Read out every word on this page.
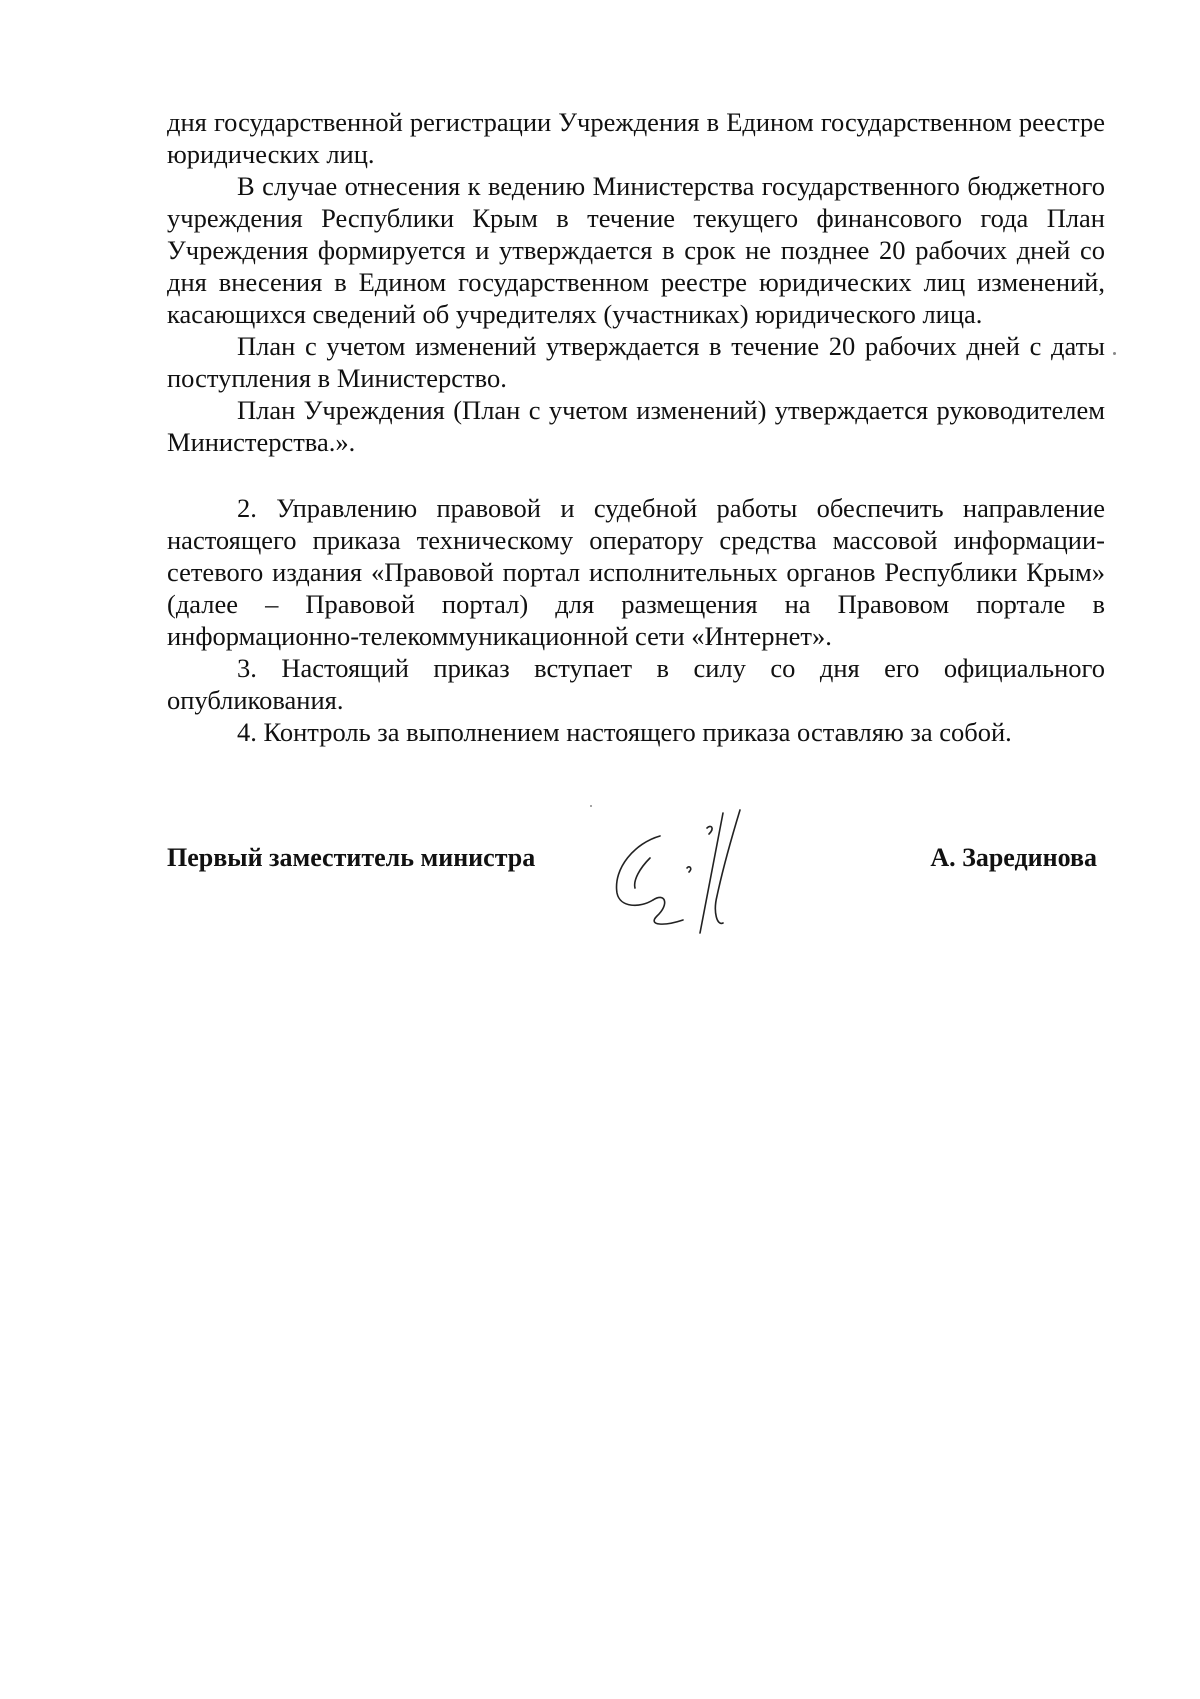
дня государственной регистрации Учреждения в Едином государственном реестре юридических лиц.

В случае отнесения к ведению Министерства государственного бюджетного учреждения Республики Крым в течение текущего финансового года План Учреждения формируется и утверждается в срок не позднее 20 рабочих дней со дня внесения в Едином государственном реестре юридических лиц изменений, касающихся сведений об учредителях (участниках) юридического лица.

План с учетом изменений утверждается в течение 20 рабочих дней с даты поступления в Министерство.

План Учреждения (План с учетом изменений) утверждается руководителем Министерства.».

2. Управлению правовой и судебной работы обеспечить направление настоящего приказа техническому оператору средства массовой информации-сетевого издания «Правовой портал исполнительных органов Республики Крым» (далее – Правовой портал) для размещения на Правовом портале в информационно-телекоммуникационной сети «Интернет».

3. Настоящий приказ вступает в силу со дня его официального опубликования.

4. Контроль за выполнением настоящего приказа оставляю за собой.

Первый заместитель министра	А. Зарединова
